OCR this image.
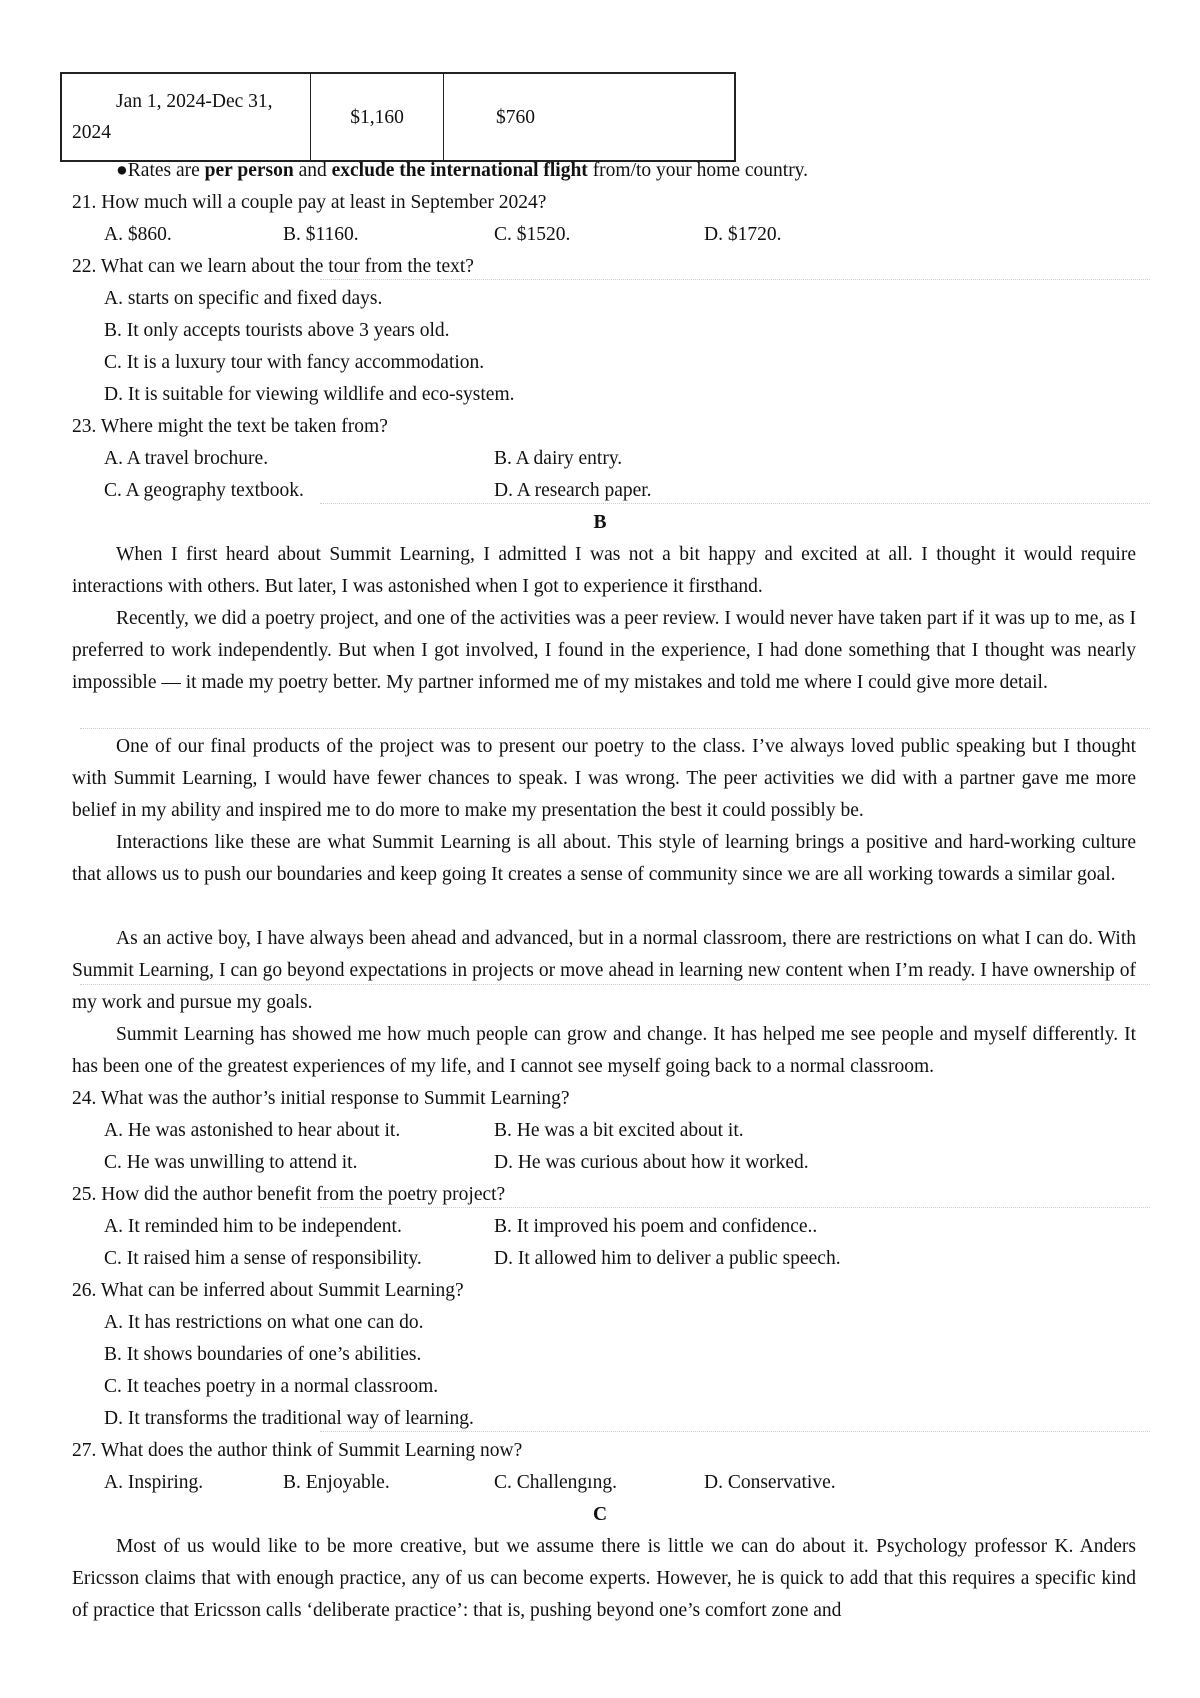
Jan 1, 2024-Dec 31,
2024
	$1,160	$760
●Rates are per person and exclude the international flight from/to your home country.
21. How much will a couple pay at least in September 2024?
A. $860.	B. $1160.	C. $1520.	D. $1720.
22. What can we learn about the tour from the text?
A. starts on specific and fixed days.
B. It only accepts tourists above 3 years old.
C. It is a luxury tour with fancy accommodation.
D. It is suitable for viewing wildlife and eco-system.
23. Where might the text be taken from?
A. A travel brochure.	B. A dairy entry.
C. A geography textbook.	D. A research paper.
B

When I first heard about Summit Learning, I admitted I was not a bit happy and excited at all. I thought it would require interactions with others. But later, I was astonished when I got to experience it firsthand.

Recently, we did a poetry project, and one of the activities was a peer review. I would never have taken part if it was up to me, as I preferred to work independently. But when I got involved, I found in the experience, I had done something that I thought was nearly impossible — it made my poetry better. My partner informed me of my mistakes and told me where I could give more detail.

One of our final products of the project was to present our poetry to the class. I’ve always loved public speaking but I thought with Summit Learning, I would have fewer chances to speak. I was wrong. The peer activities we did with a partner gave me more belief in my ability and inspired me to do more to make my presentation the best it could possibly be.

Interactions like these are what Summit Learning is all about. This style of learning brings a positive and hard-working culture that allows us to push our boundaries and keep going It creates a sense of community since we are all working towards a similar goal.

As an active boy, I have always been ahead and advanced, but in a normal classroom, there are restrictions on what I can do. With Summit Learning, I can go beyond expectations in projects or move ahead in learning new content when I’m ready. I have ownership of my work and pursue my goals.

Summit Learning has showed me how much people can grow and change. It has helped me see people and myself differently. It has been one of the greatest experiences of my life, and I cannot see myself going back to a normal classroom.

24. What was the author’s initial response to Summit Learning?
A. He was astonished to hear about it.	B. He was a bit excited about it.
C. He was unwilling to attend it.	D. He was curious about how it worked.
25. How did the author benefit from the poetry project?
A. It reminded him to be independent.	B. It improved his poem and confidence..
C. It raised him a sense of responsibility.	D. It allowed him to deliver a public speech.
26. What can be inferred about Summit Learning?
A. It has restrictions on what one can do.
B. It shows boundaries of one’s abilities.
C. It teaches poetry in a normal classroom.
D. It transforms the traditional way of learning.
27. What does the author think of Summit Learning now?
A. Inspiring.	B. Enjoyable.	C. Challengıng.	D. Conservative.
C

Most of us would like to be more creative, but we assume there is little we can do about it. Psychology professor K. Anders Ericsson claims that with enough practice, any of us can become experts. However, he is quick to add that this requires a specific kind of practice that Ericsson calls ‘deliberate practice’: that is, pushing beyond one’s comfort zone and
